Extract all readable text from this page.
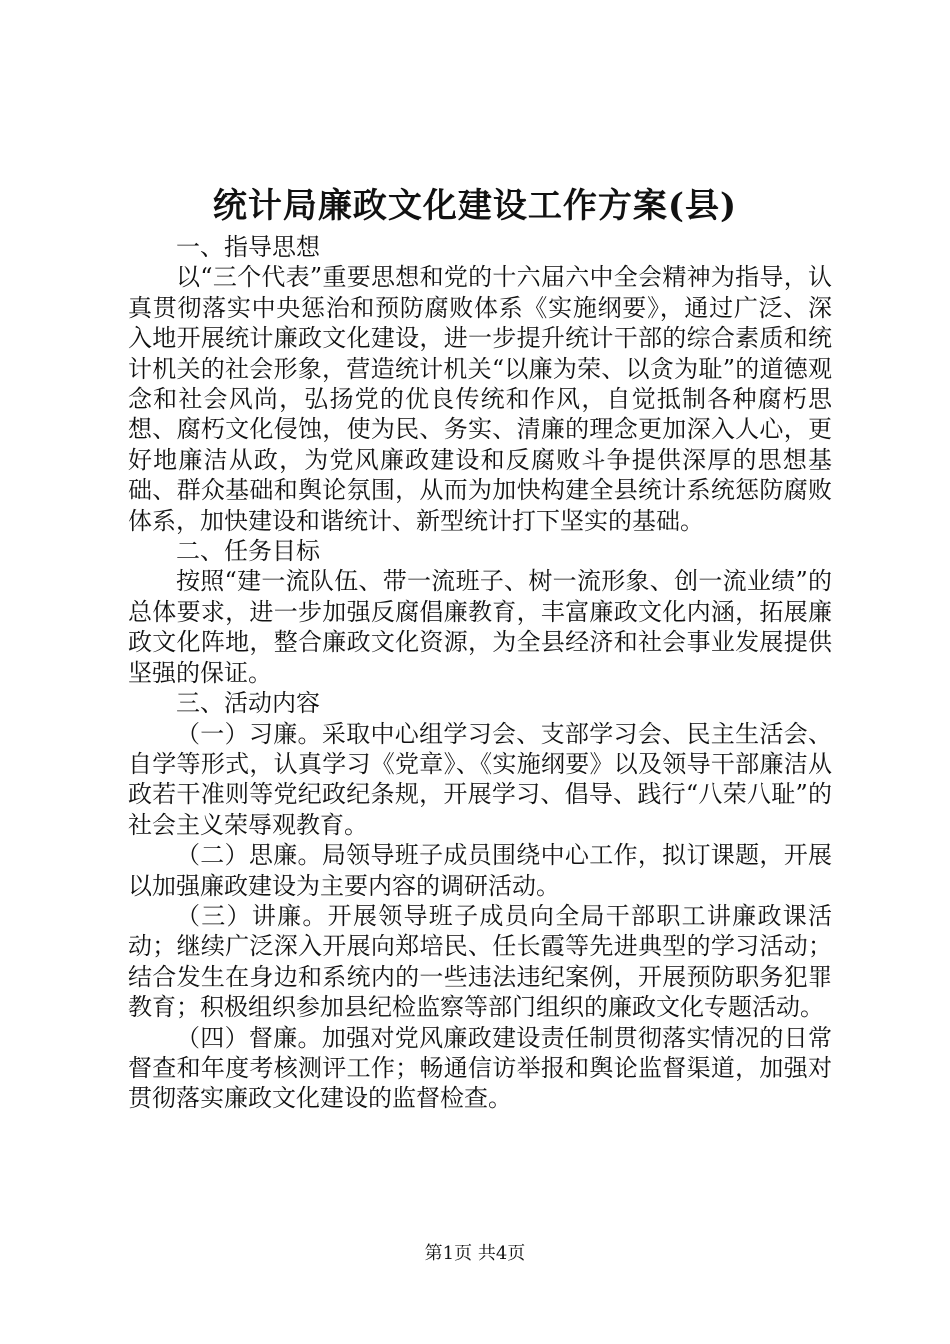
统计局廉政文化建设工作方案(县)
一、指导思想
以“三个代表”重要思想和党的十六届六中全会精神为指导，认真贯彻落实中央惩治和预防腐败体系《实施纲要》，通过广泛、深入地开展统计廉政文化建设，进一步提升统计干部的综合素质和统计机关的社会形象，营造统计机关“以廉为荣、以贪为耻”的道德观念和社会风尚，弘扬党的优良传统和作风，自觉抵制各种腐朽思想、腐朽文化侵蚀，使为民、务实、清廉的理念更加深入人心，更好地廉洁从政，为党风廉政建设和反腐败斗争提供深厚的思想基础、群众基础和舆论氛围，从而为加快构建全县统计系统惩防腐败体系，加快建设和谐统计、新型统计打下坚实的基础。
二、任务目标
按照“建一流队伍、带一流班子、树一流形象、创一流业绩”的总体要求，进一步加强反腐倡廉教育，丰富廉政文化内涵，拓展廉政文化阵地，整合廉政文化资源，为全县经济和社会事业发展提供坚强的保证。
三、活动内容
（一）习廉。采取中心组学习会、支部学习会、民主生活会、自学等形式，认真学习《党章》、《实施纲要》以及领导干部廉洁从政若干准则等党纪政纪条规，开展学习、倡导、践行“八荣八耻”的社会主义荣辱观教育。
（二）思廉。局领导班子成员围绕中心工作，拟订课题，开展以加强廉政建设为主要内容的调研活动。
（三）讲廉。开展领导班子成员向全局干部职工讲廉政课活动；继续广泛深入开展向郑培民、任长霞等先进典型的学习活动；结合发生在身边和系统内的一些违法违纪案例，开展预防职务犯罪教育；积极组织参加县纪检监察等部门组织的廉政文化专题活动。
（四）督廉。加强对党风廉政建设责任制贯彻落实情况的日常督查和年度考核测评工作；畅通信访举报和舆论监督渠道，加强对贯彻落实廉政文化建设的监督检查。
第1页 共4页
